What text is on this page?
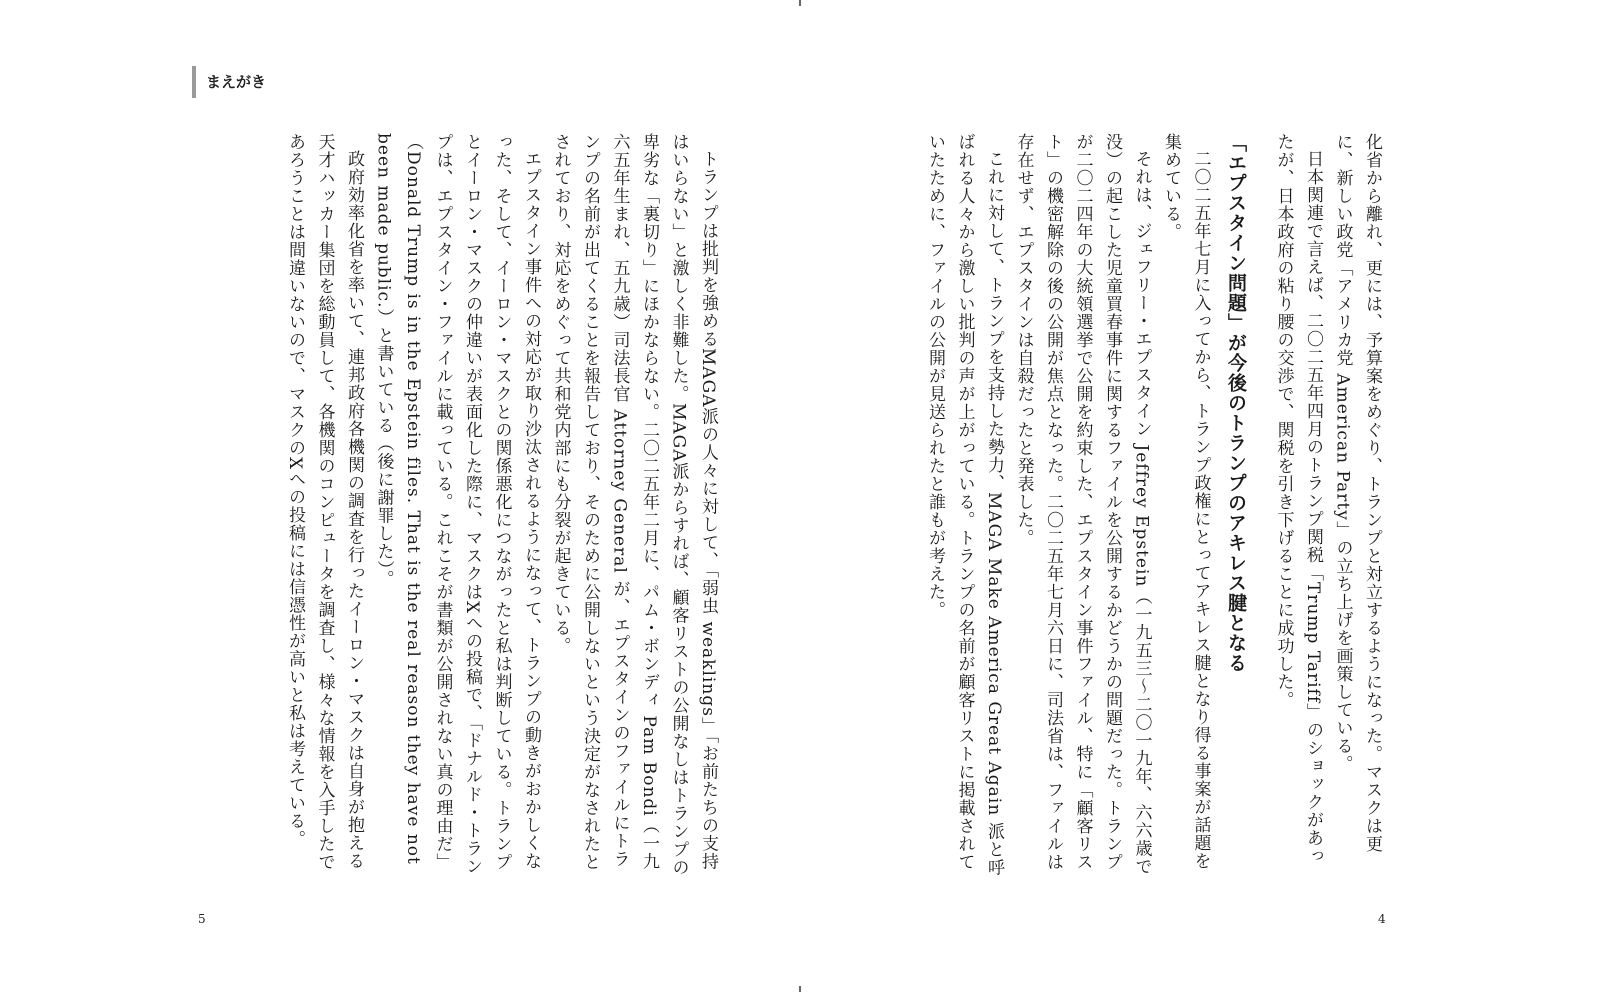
まえがき

化省から離れ、更には、予算案をめぐり、トランプと対立するようになった。マスクは更に、新しい政党「アメリカ党 American Party」の立ち上げを画策している。

日本関連で言えば、二〇二五年四月のトランプ関税「Trump Tariff」のショックがあったが、日本政府の粘り腰の交渉で、関税を引き下げることに成功した。

「エプスタイン問題」が今後のトランプのアキレス腱となる

二〇二五年七月に入ってから、トランプ政権にとってアキレス腱となり得る事案が話題を集めている。

それは、ジェフリー・エプスタイン Jeffrey Epstein（一九五三〜二〇一九年、六六歳で没）の起こした児童買春事件に関するファイルを公開するかどうかの問題だった。トランプが二〇二四年の大統領選挙で公開を約束した、エプスタイン事件ファイル、特に「顧客リスト」の機密解除の後の公開が焦点となった。二〇二五年七月六日に、司法省は、ファイルは存在せず、エプスタインは自殺だったと発表した。

これに対して、トランプを支持した勢力、MAGA Make America Great Again 派と呼ばれる人々から激しい批判の声が上がっている。トランプの名前が顧客リストに掲載されていたために、ファイルの公開が見送られたと誰もが考えた。

トランプは批判を強めるMAGA派の人々に対して、「弱虫 weaklings」「お前たちの支持はいらない」と激しく非難した。MAGA派からすれば、顧客リストの公開なしはトランプの卑劣な「裏切り」にほかならない。二〇二五年二月に、パム・ボンディ Pam Bondi（一九六五年生まれ、五九歳）司法長官 Attorney General が、エプスタインのファイルにトランプの名前が出てくることを報告しており、そのために公開しないという決定がなされたとされており、対応をめぐって共和党内部にも分裂が起きている。

エプスタイン事件への対応が取り沙汰されるようになって、トランプの動きがおかしくなった、そして、イーロン・マスクとの関係悪化につながったと私は判断している。トランプとイーロン・マスクの仲違いが表面化した際に、マスクはXへの投稿で、「ドナルド・トランプは、エプスタイン・ファイルに載っている。これこそが書類が公開されない真の理由だ」（Donald Trump is in the Epstein files. That is the real reason they have not been made public.）と書いている（後に謝罪した）。

政府効率化省を率いて、連邦政府各機関の調査を行ったイーロン・マスクは自身が抱える天才ハッカー集団を総動員して、各機関のコンピュータを調査し、様々な情報を入手したであろうことは間違いないので、マスクのXへの投稿には信憑性が高いと私は考えている。

5	4
